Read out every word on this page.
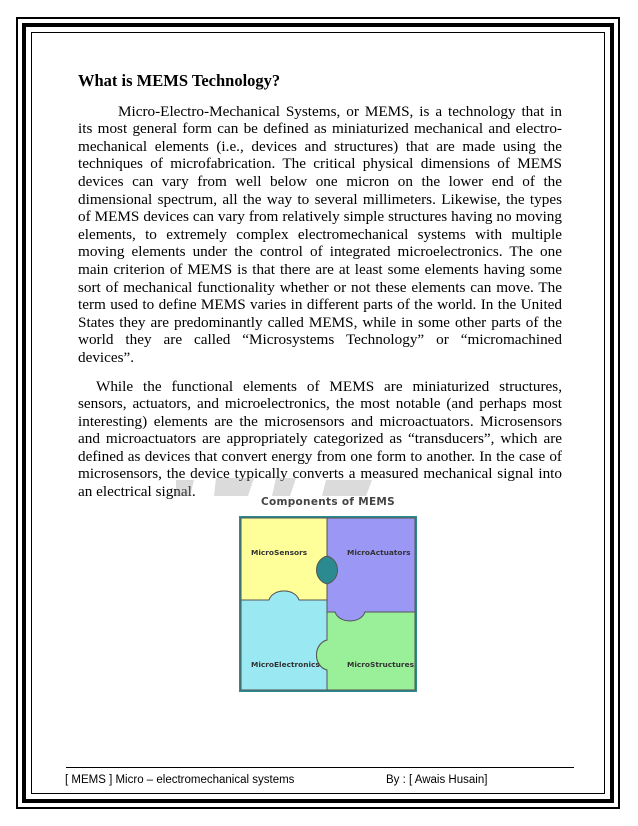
What is MEMS Technology?

Micro-Electro-Mechanical Systems, or MEMS, is a technology that in its most general form can be defined as miniaturized mechanical and electro-mechanical elements (i.e., devices and structures) that are made using the techniques of microfabrication. The critical physical dimensions of MEMS devices can vary from well below one micron on the lower end of the dimensional spectrum, all the way to several millimeters. Likewise, the types of MEMS devices can vary from relatively simple structures having no moving elements, to extremely complex electromechanical systems with multiple moving elements under the control of integrated microelectronics. The one main criterion of MEMS is that there are at least some elements having some sort of mechanical functionality whether or not these elements can move. The term used to define MEMS varies in different parts of the world. In the United States they are predominantly called MEMS, while in some other parts of the world they are called “Microsystems Technology” or “micromachined devices”.

While the functional elements of MEMS are miniaturized structures, sensors, actuators, and microelectronics, the most notable (and perhaps most interesting) elements are the microsensors and microactuators. Microsensors and microactuators are appropriately categorized as “transducers”, which are defined as devices that convert energy from one form to another. In the case of microsensors, the device typically converts a measured mechanical signal into an electrical signal.

Components of MEMS
MicroSensors	MicroActuators
MicroElectronics	MicroStructures
[ MEMS ] Micro – electromechanical systems	By : [ Awais Husain]
